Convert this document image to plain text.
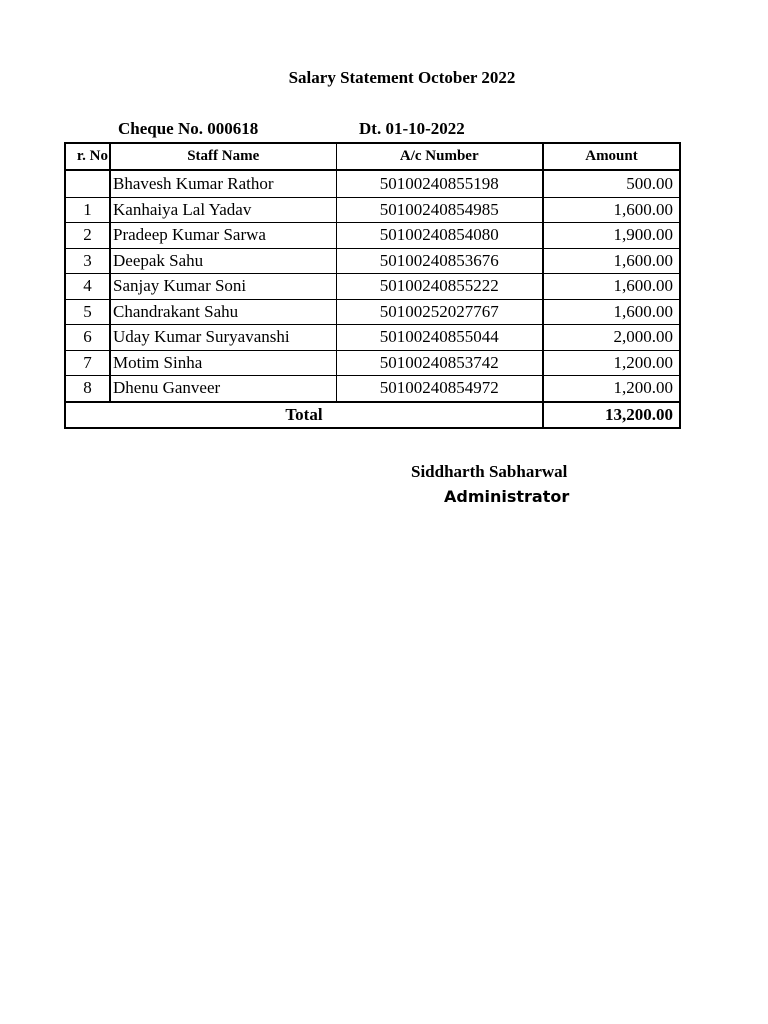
Salary Statement October 2022
Cheque No. 000618	Dt. 01-10-2022
r. No	Staff Name	A/c Number	Amount
	Bhavesh Kumar Rathor	50100240855198	500.00
1	Kanhaiya Lal Yadav	50100240854985	1,600.00
2	Pradeep Kumar Sarwa	50100240854080	1,900.00
3	Deepak Sahu	50100240853676	1,600.00
4	Sanjay Kumar Soni	50100240855222	1,600.00
5	Chandrakant Sahu	50100252027767	1,600.00
6	Uday Kumar Suryavanshi	50100240855044	2,000.00
7	Motim Sinha	50100240853742	1,200.00
8	Dhenu Ganveer	50100240854972	1,200.00
Total			13,200.00
Siddharth Sabharwal
Administrator
